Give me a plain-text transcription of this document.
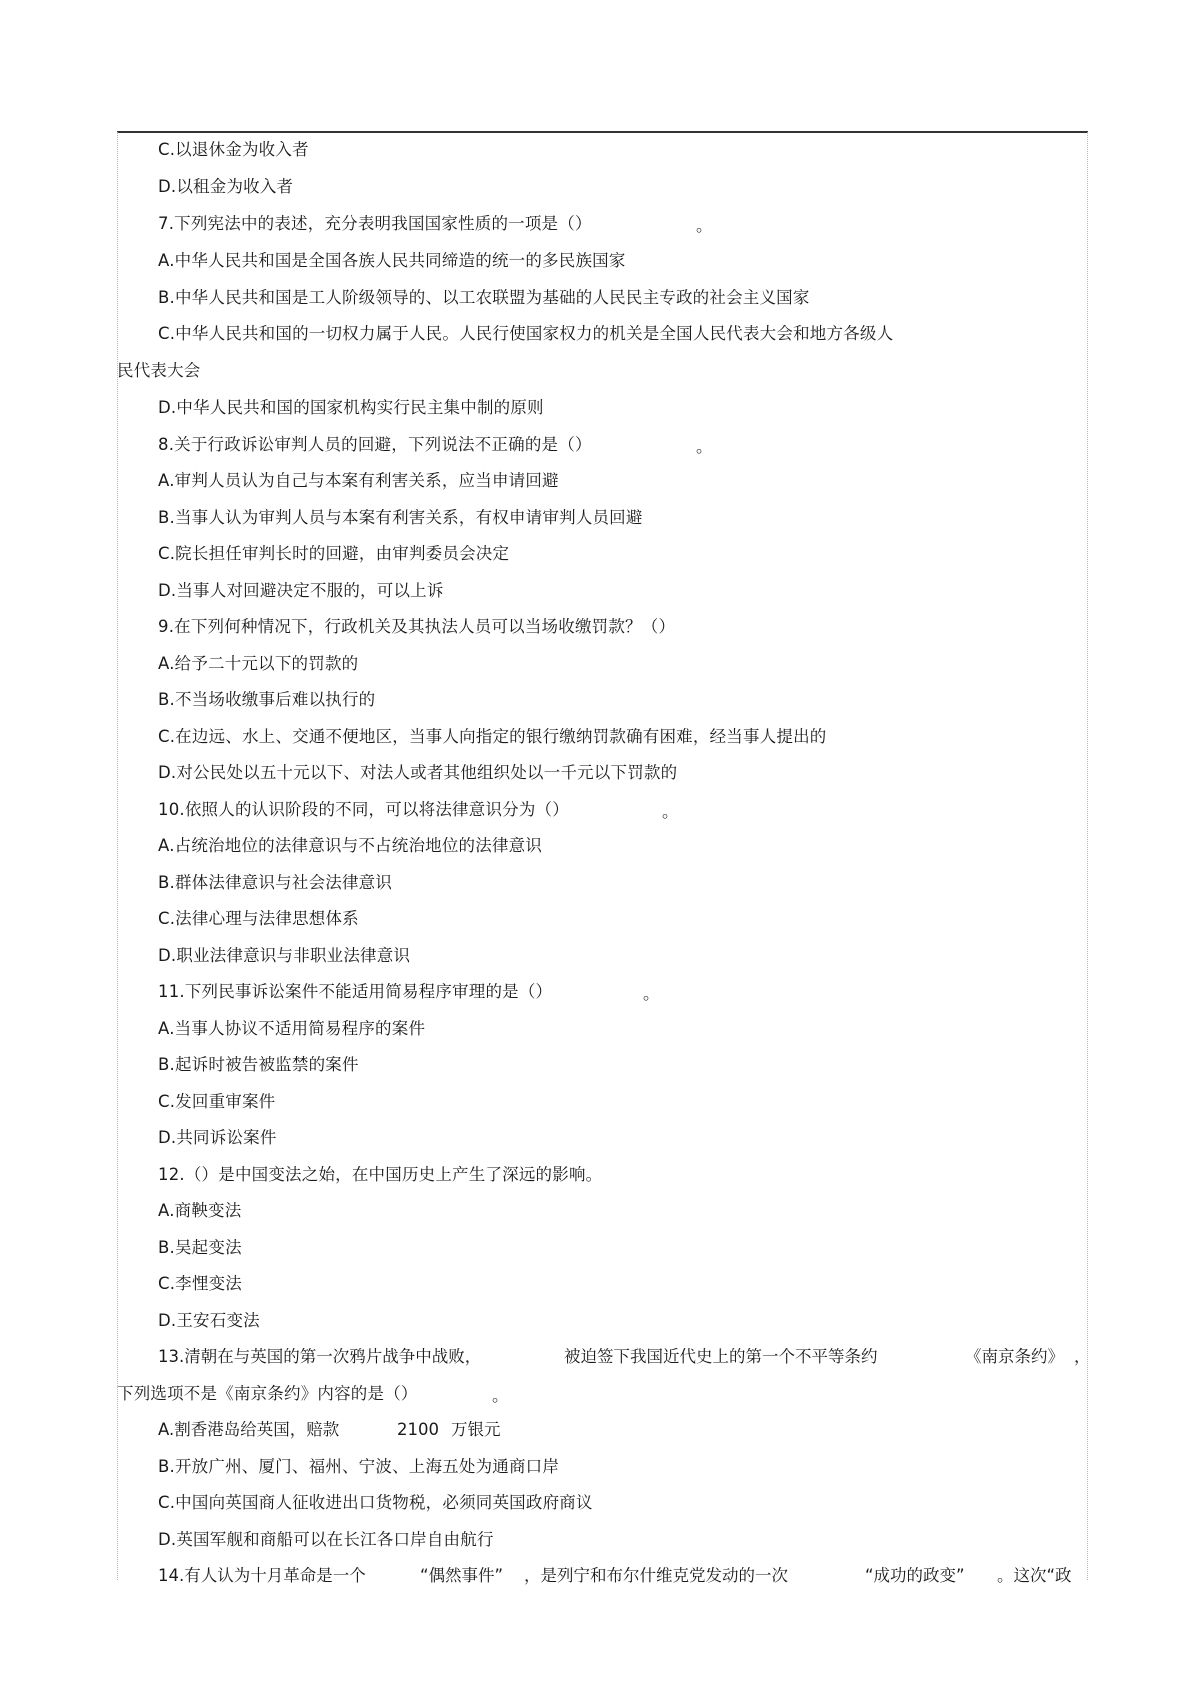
C.以退休金为收入者
D.以租金为收入者
7.下列宪法中的表述，充分表明我国国家性质的一项是（）	。
A.中华人民共和国是全国各族人民共同缔造的统一的多民族国家
B.中华人民共和国是工人阶级领导的、以工农联盟为基础的人民民主专政的社会主义国家
C.中华人民共和国的一切权力属于人民。人民行使国家权力的机关是全国人民代表大会和地方各级人
民代表大会
D.中华人民共和国的国家机构实行民主集中制的原则
8.关于行政诉讼审判人员的回避，下列说法不正确的是（）	。
A.审判人员认为自己与本案有利害关系，应当申请回避
B.当事人认为审判人员与本案有利害关系，有权申请审判人员回避
C.院长担任审判长时的回避，由审判委员会决定
D.当事人对回避决定不服的，可以上诉
9.在下列何种情况下，行政机关及其执法人员可以当场收缴罚款？（）
A.给予二十元以下的罚款的
B.不当场收缴事后难以执行的
C.在边远、水上、交通不便地区，当事人向指定的银行缴纳罚款确有困难，经当事人提出的
D.对公民处以五十元以下、对法人或者其他组织处以一千元以下罚款的
10.依照人的认识阶段的不同，可以将法律意识分为（）	。
A.占统治地位的法律意识与不占统治地位的法律意识
B.群体法律意识与社会法律意识
C.法律心理与法律思想体系
D.职业法律意识与非职业法律意识
11.下列民事诉讼案件不能适用简易程序审理的是（）	。
A.当事人协议不适用简易程序的案件
B.起诉时被告被监禁的案件
C.发回重审案件
D.共同诉讼案件
12.（）是中国变法之始，在中国历史上产生了深远的影响。
A.商鞅变法
B.吴起变法
C.李悝变法
D.王安石变法
13.清朝在与英国的第一次鸦片战争中战败，	被迫签下我国近代史上的第一个不平等条约	《南京条约》 ，
下列选项不是《南京条约》内容的是（）	。
A.割香港岛给英国，赔款	2100 万银元
B.开放广州、厦门、福州、宁波、上海五处为通商口岸
C.中国向英国商人征收进出口货物税，必须同英国政府商议
D.英国军舰和商船可以在长江各口岸自由航行
14.有人认为十月革命是一个	“偶然事件” ，是列宁和布尔什维克党发动的一次	“成功的政变” 。这次“政
